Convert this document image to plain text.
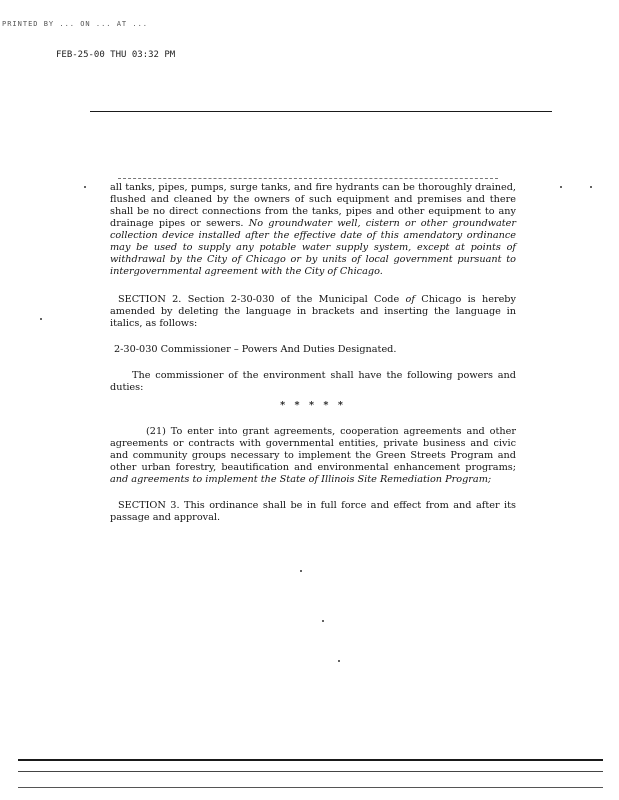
PRINTED BY ... ON ... AT ...
FEB-25-00 THU 03:32 PM

all tanks, pipes, pumps, surge tanks, and fire hydrants can be thoroughly drained, flushed and cleaned by the owners of such equipment and premises and there shall be no direct connections from the tanks, pipes and other equipment to any drainage pipes or sewers. No groundwater well, cistern or other groundwater collection device installed after the effective date of this amendatory ordinance may be used to supply any potable water supply system, except at points of withdrawal by the City of Chicago or by units of local government pursuant to intergovernmental agreement with the City of Chicago.

SECTION 2. Section 2-30-030 of the Municipal Code of Chicago is hereby amended by deleting the language in brackets and inserting the language in italics, as follows:

2-30-030 Commissioner – Powers And Duties Designated.

The commissioner of the environment shall have the following powers and duties:

* * * * *

(21) To enter into grant agreements, cooperation agreements and other agreements or contracts with governmental entities, private business and civic and community groups necessary to implement the Green Streets Program and other urban forestry, beautification and environmental enhancement programs; and agreements to implement the State of Illinois Site Remediation Program;

SECTION 3. This ordinance shall be in full force and effect from and after its passage and approval.
